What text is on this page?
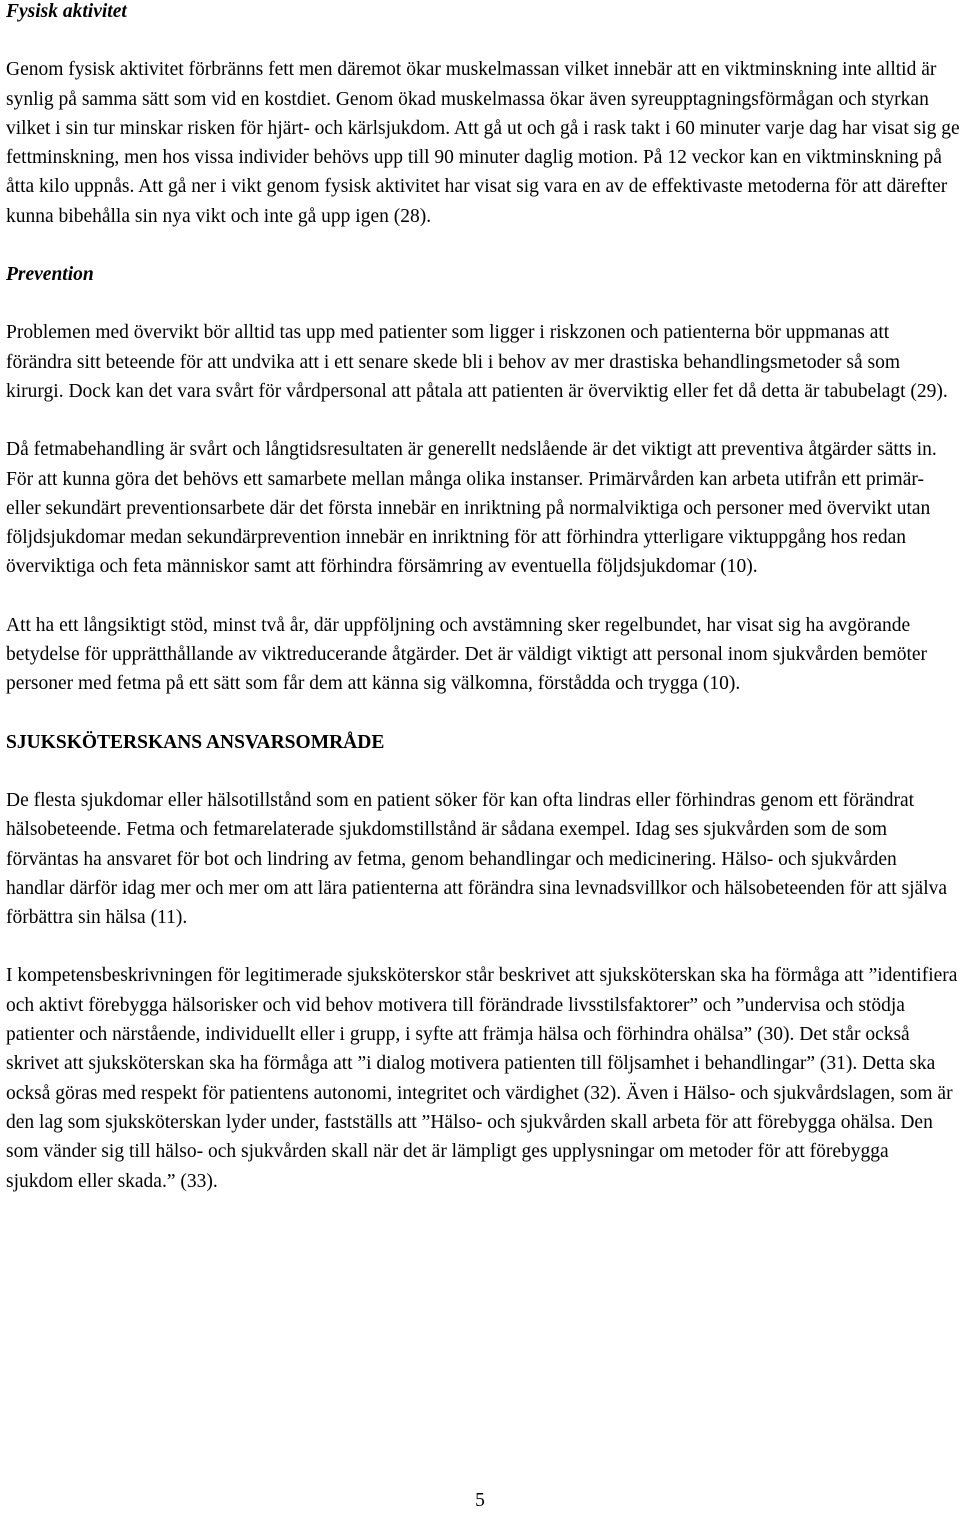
Fysisk aktivitet

Genom fysisk aktivitet förbränns fett men däremot ökar muskelmassan vilket innebär att en viktminskning inte alltid är synlig på samma sätt som vid en kostdiet. Genom ökad muskelmassa ökar även syreupptagningsförmågan och styrkan vilket i sin tur minskar risken för hjärt- och kärlsjukdom. Att gå ut och gå i rask takt i 60 minuter varje dag har visat sig ge fettminskning, men hos vissa individer behövs upp till 90 minuter daglig motion. På 12 veckor kan en viktminskning på åtta kilo uppnås. Att gå ner i vikt genom fysisk aktivitet har visat sig vara en av de effektivaste metoderna för att därefter kunna bibehålla sin nya vikt och inte gå upp igen (28).

Prevention

Problemen med övervikt bör alltid tas upp med patienter som ligger i riskzonen och patienterna bör uppmanas att förändra sitt beteende för att undvika att i ett senare skede bli i behov av mer drastiska behandlingsmetoder så som kirurgi. Dock kan det vara svårt för vårdpersonal att påtala att patienten är överviktig eller fet då detta är tabubelagt (29).

Då fetmabehandling är svårt och långtidsresultaten är generellt nedslående är det viktigt att preventiva åtgärder sätts in. För att kunna göra det behövs ett samarbete mellan många olika instanser. Primärvården kan arbeta utifrån ett primär- eller sekundärt preventionsarbete där det första innebär en inriktning på normalviktiga och personer med övervikt utan följdsjukdomar medan sekundärprevention innebär en inriktning för att förhindra ytterligare viktuppgång hos redan överviktiga och feta människor samt att förhindra försämring av eventuella följdsjukdomar (10).

Att ha ett långsiktigt stöd, minst två år, där uppföljning och avstämning sker regelbundet, har visat sig ha avgörande betydelse för upprätthållande av viktreducerande åtgärder. Det är väldigt viktigt att personal inom sjukvården bemöter personer med fetma på ett sätt som får dem att känna sig välkomna, förstådda och trygga (10).

SJUKSKÖTERSKANS ANSVARSOMRÅDE

De flesta sjukdomar eller hälsotillstånd som en patient söker för kan ofta lindras eller förhindras genom ett förändrat hälsobeteende. Fetma och fetmarelaterade sjukdomstillstånd är sådana exempel. Idag ses sjukvården som de som förväntas ha ansvaret för bot och lindring av fetma, genom behandlingar och medicinering. Hälso- och sjukvården handlar därför idag mer och mer om att lära patienterna att förändra sina levnadsvillkor och hälsobeteenden för att själva förbättra sin hälsa (11).

I kompetensbeskrivningen för legitimerade sjuksköterskor står beskrivet att sjuksköterskan ska ha förmåga att ”identifiera och aktivt förebygga hälsorisker och vid behov motivera till förändrade livsstilsfaktorer” och ”undervisa och stödja patienter och närstående, individuellt eller i grupp, i syfte att främja hälsa och förhindra ohälsa” (30). Det står också skrivet att sjuksköterskan ska ha förmåga att ”i dialog motivera patienten till följsamhet i behandlingar” (31). Detta ska också göras med respekt för patientens autonomi, integritet och värdighet (32). Även i Hälso- och sjukvårdslagen, som är den lag som sjuksköterskan lyder under, fastställs att ”Hälso- och sjukvården skall arbeta för att förebygga ohälsa. Den som vänder sig till hälso- och sjukvården skall när det är lämpligt ges upplysningar om metoder för att förebygga sjukdom eller skada.” (33).

5
